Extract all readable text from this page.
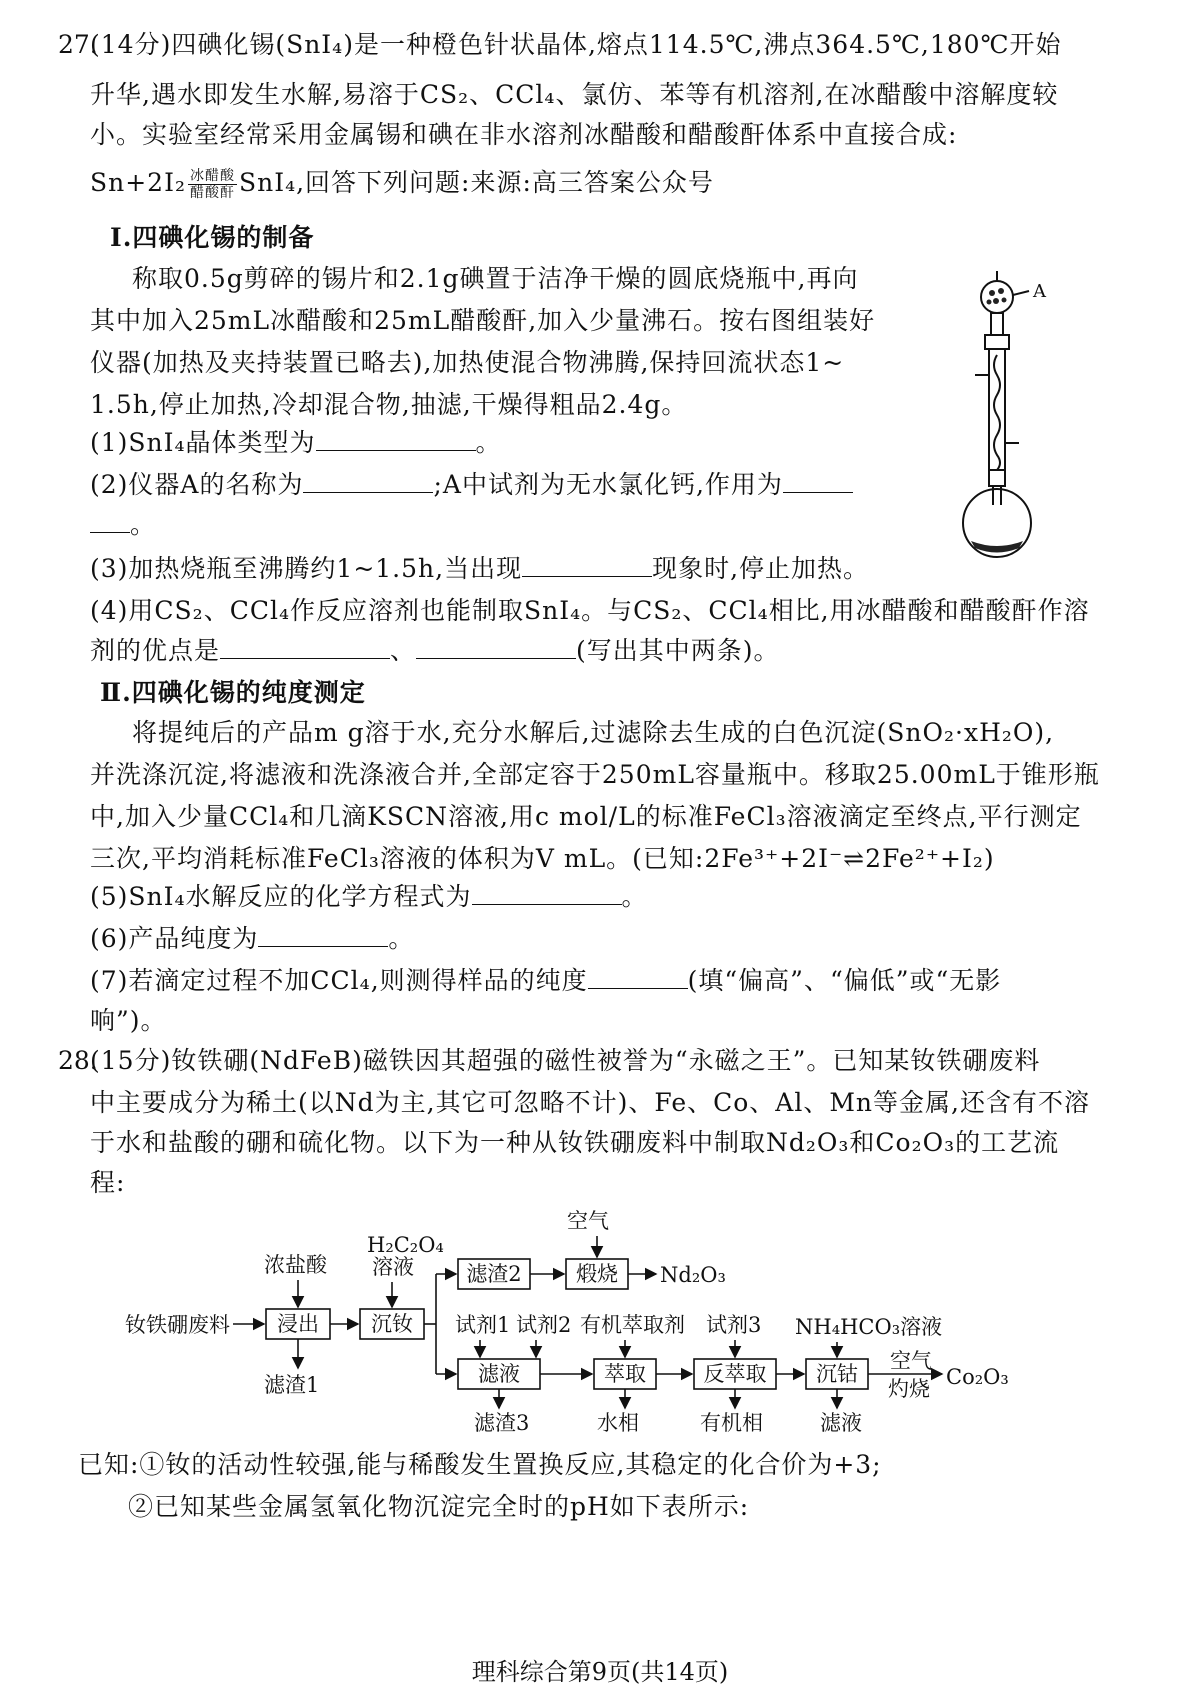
27.
(14分)四碘化锡(SnI₄)是一种橙色针状晶体,熔点114.5℃,沸点364.5℃,180℃开始
升华,遇水即发生水解,易溶于CS₂、CCl₄、氯仿、苯等有机溶剂,在冰醋酸中溶解度较
小。实验室经常采用金属锡和碘在非水溶剂冰醋酸和醋酸酐体系中直接合成:
Sn+2I₂ 冰醋酸
醋酸酐 SnI₄,回答下列问题:来源:高三答案公众号
Ⅰ.四碘化锡的制备
称取0.5g剪碎的锡片和2.1g碘置于洁净干燥的圆底烧瓶中,再向
其中加入25mL冰醋酸和25mL醋酸酐,加入少量沸石。按右图组装好
仪器(加热及夹持装置已略去),加热使混合物沸腾,保持回流状态1~
1.5h,停止加热,冷却混合物,抽滤,干燥得粗品2.4g。
(1)SnI₄晶体类型为	。
(2)仪器A的名称为	;A中试剂为无水氯化钙,作用为
。
A
(3)加热烧瓶至沸腾约1~1.5h,当出现	现象时,停止加热。
(4)用CS₂、CCl₄作反应溶剂也能制取SnI₄。与CS₂、CCl₄相比,用冰醋酸和醋酸酐作溶
剂的优点是	、	(写出其中两条)。
Ⅱ.四碘化锡的纯度测定
将提纯后的产品m g溶于水,充分水解后,过滤除去生成的白色沉淀(SnO₂·xH₂O),
并洗涤沉淀,将滤液和洗涤液合并,全部定容于250mL容量瓶中。移取25.00mL于锥形瓶
中,加入少量CCl₄和几滴KSCN溶液,用c mol/L的标准FeCl₃溶液滴定至终点,平行测定
三次,平均消耗标准FeCl₃溶液的体积为V mL。(已知:2Fe³⁺+2I⁻⇌2Fe²⁺+I₂)
(5)SnI₄水解反应的化学方程式为	。
(6)产品纯度为	。
(7)若滴定过程不加CCl₄,则测得样品的纯度	(填“偏高”、“偏低”或“无影
响”)。
28.
(15分)钕铁硼(NdFeB)磁铁因其超强的磁性被誉为“永磁之王”。已知某钕铁硼废料
中主要成分为稀土(以Nd为主,其它可忽略不计)、Fe、Co、Al、Mn等金属,还含有不溶
于水和盐酸的硼和硫化物。以下为一种从钕铁硼废料中制取Nd₂O₃和Co₂O₃的工艺流
程:
钕铁硼废料
浓盐酸
滤渣1
H₂C₂O₄
溶液
空气
Nd₂O₃
试剂1 试剂2 有机萃取剂 试剂3 NH₄HCO₃溶液
滤渣3	水相	有机相	滤液
空气
灼烧 Co₂O₃
浸出 沉钕
滤渣2	煅烧
滤液	萃取	反萃取 沉钴
已知:①钕的活动性较强,能与稀酸发生置换反应,其稳定的化合价为+3;
②已知某些金属氢氧化物沉淀完全时的pH如下表所示:
理科综合第9页(共14页)
